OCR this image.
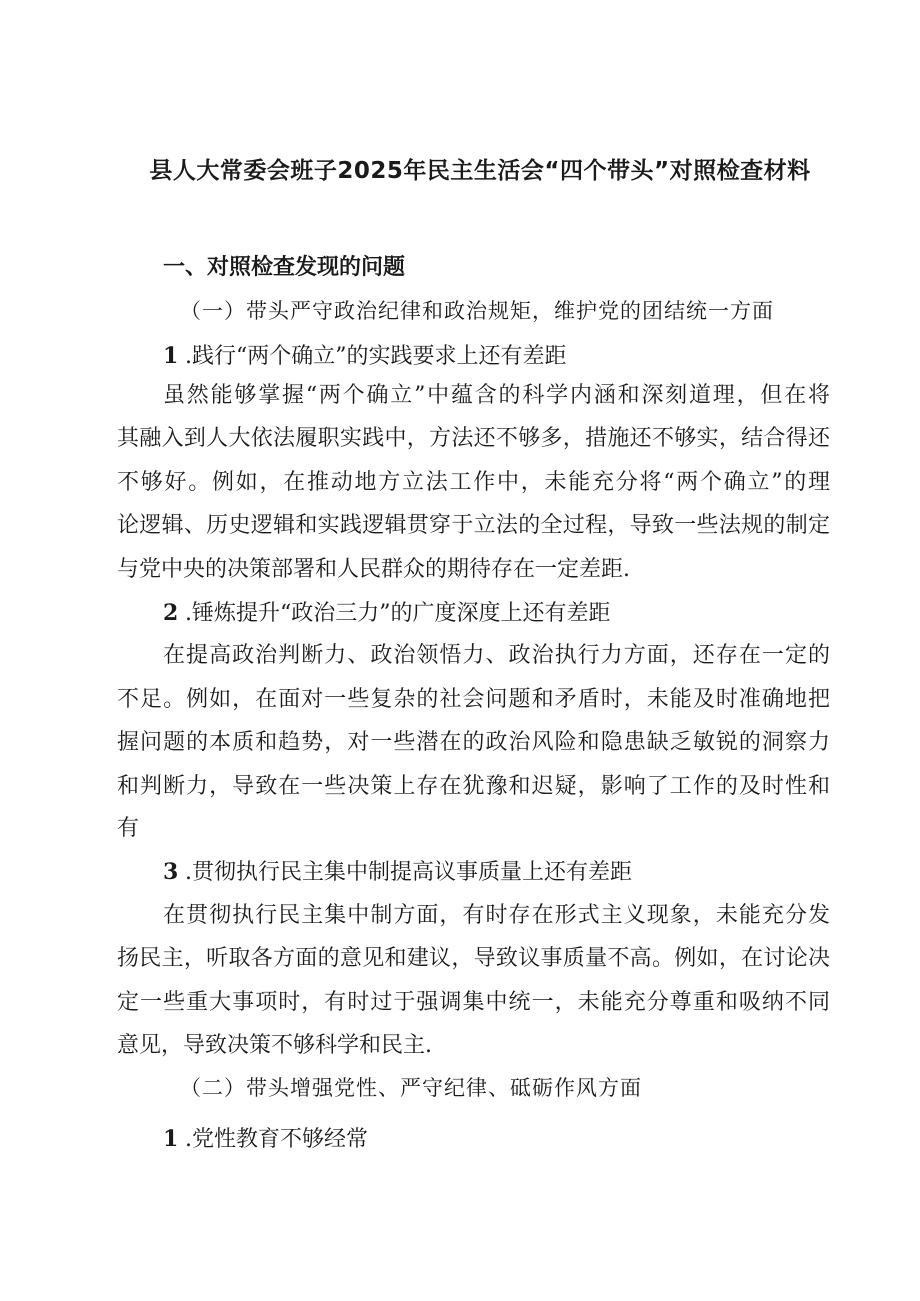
县人大常委会班子2025年民主生活会“四个带头”对照检查材料
一、对照检查发现的问题
（一）带头严守政治纪律和政治规矩，维护党的团结统一方面
1 .践行“两个确立”的实践要求上还有差距
虽然能够掌握“两个确立”中蕴含的科学内涵和深刻道理，但在将
其融入到人大依法履职实践中，方法还不够多，措施还不够实，结合得还
不够好。例如，在推动地方立法工作中，未能充分将“两个确立”的理
论逻辑、历史逻辑和实践逻辑贯穿于立法的全过程，导致一些法规的制定
与党中央的决策部署和人民群众的期待存在一定差距.
2 .锤炼提升“政治三力”的广度深度上还有差距
在提高政治判断力、政治领悟力、政治执行力方面，还存在一定的
不足。例如，在面对一些复杂的社会问题和矛盾时，未能及时准确地把
握问题的本质和趋势，对一些潜在的政治风险和隐患缺乏敏锐的洞察力
和判断力，导致在一些决策上存在犹豫和迟疑，影响了工作的及时性和
有
3 .贯彻执行民主集中制提高议事质量上还有差距
在贯彻执行民主集中制方面，有时存在形式主义现象，未能充分发
扬民主，听取各方面的意见和建议，导致议事质量不高。例如，在讨论决
定一些重大事项时，有时过于强调集中统一，未能充分尊重和吸纳不同
意见，导致决策不够科学和民主.
（二）带头增强党性、严守纪律、砥砺作风方面
1 .党性教育不够经常
